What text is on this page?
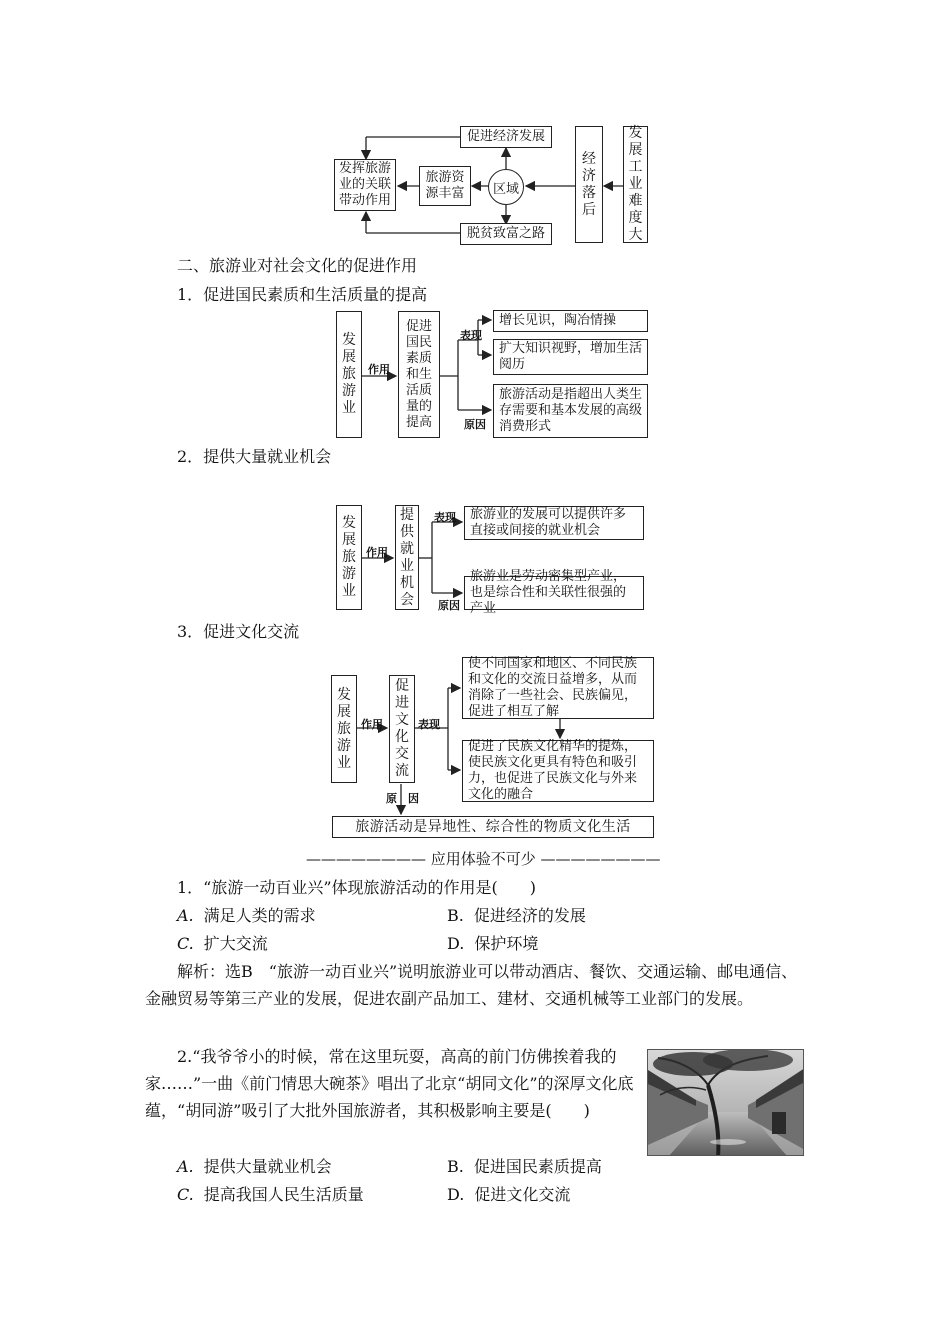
促进经济发展
发挥旅游业的关联带动作用
旅游资源丰富	区域
脱贫致富之路
经济落后
发展工业难度大
二、旅游业对社会文化的促进作用
1．促进国民素质和生活质量的提高
发展旅游业
作用
促进国民素质和生活质量的提高
表现
原因
增长见识，陶冶情操
扩大知识视野，增加生活阅历
旅游活动是指超出人类生存需要和基本发展的高级消费形式
2．提供大量就业机会
发展旅游业
作用
提供就业机会
表现
原因
旅游业的发展可以提供许多直接或间接的就业机会
旅游业是劳动密集型产业，也是综合性和关联性很强的产业
3．促进文化交流
发展旅游业
作用
促进文化交流
表现
原　因
使不同国家和地区、不同民族和文化的交流日益增多，从而消除了一些社会、民族偏见，促进了相互了解
促进了民族文化精华的提炼，使民族文化更具有特色和吸引力，也促进了民族文化与外来文化的融合
旅游活动是异地性、综合性的物质文化生活
———————— 应用体验不可少 ————————
1．“旅游一动百业兴”体现旅游活动的作用是(　　)
A. 满足人类的需求	B. 促进经济的发展
C. 扩大交流	D. 保护环境
解析：选B　“旅游一动百业兴”说明旅游业可以带动酒店、餐饮、交通运输、邮电通信、金融贸易等第三产业的发展，促进农副产品加工、建材、交通机械等工业部门的发展。
2.“我爷爷小的时候，常在这里玩耍，高高的前门仿佛挨着我的家……”一曲《前门情思大碗茶》唱出了北京“胡同文化”的深厚文化底蕴，“胡同游”吸引了大批外国旅游者，其积极影响主要是(　　)
A. 提供大量就业机会	B. 促进国民素质提高
C. 提高我国人民生活质量	D. 促进文化交流
